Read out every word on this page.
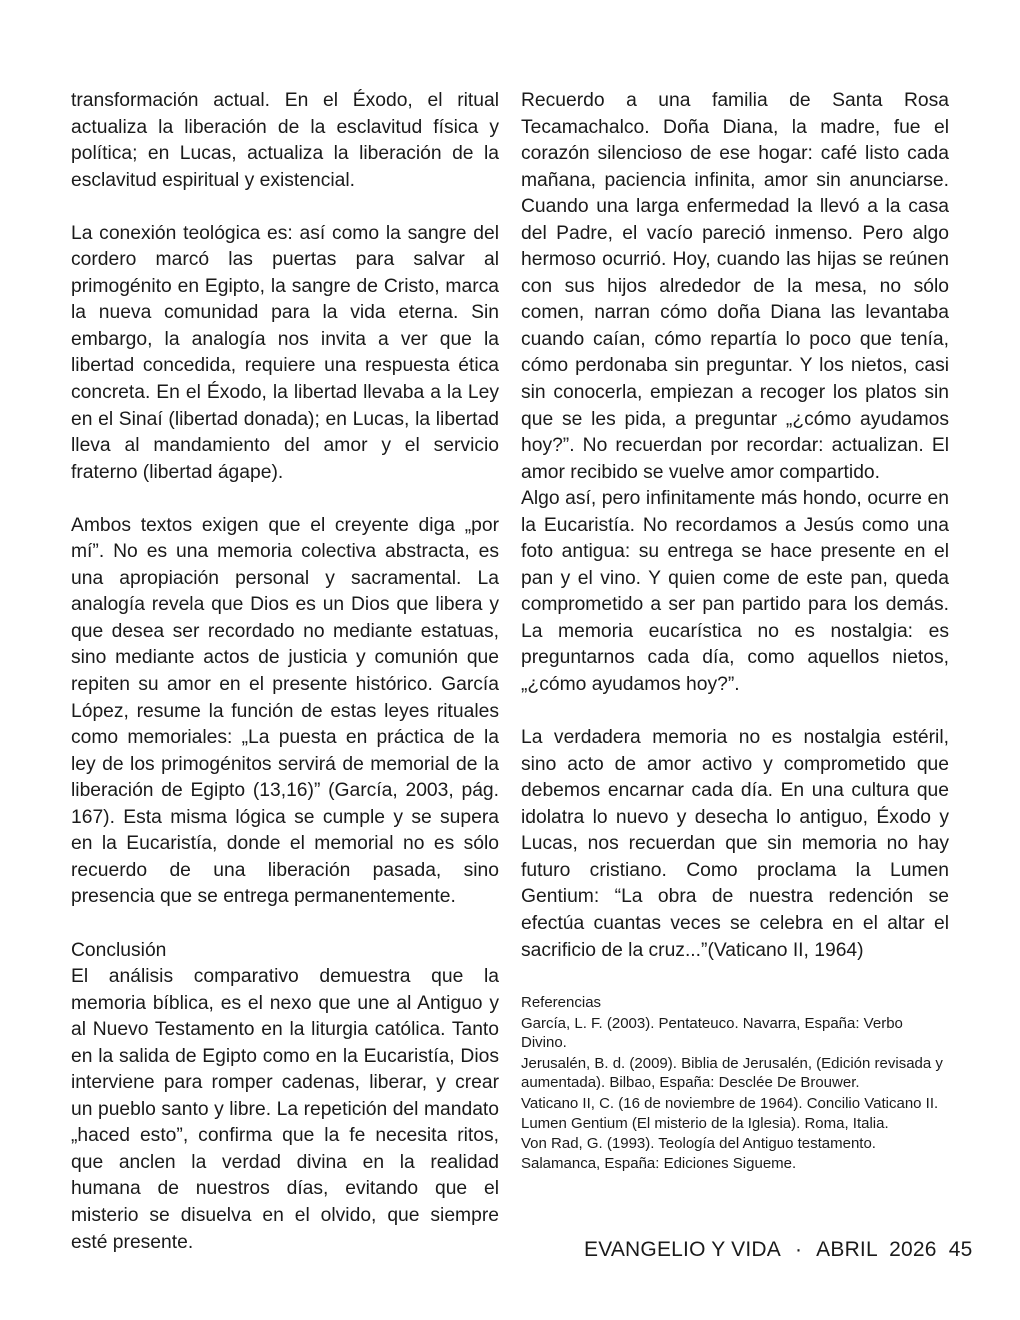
transformación actual. En el Éxodo, el ritual actualiza la liberación de la esclavitud física y política; en Lucas, actualiza la liberación de la esclavitud espiritual y existencial.

La conexión teológica es: así como la sangre del cordero marcó las puertas para salvar al primogénito en Egipto, la sangre de Cristo, marca la nueva comunidad para la vida eterna. Sin embargo, la analogía nos invita a ver que la libertad concedida, requiere una respuesta ética concreta. En el Éxodo, la libertad llevaba a la Ley en el Sinaí (libertad donada); en Lucas, la libertad lleva al mandamiento del amor y el servicio fraterno (libertad ágape).

Ambos textos exigen que el creyente diga „por mí”. No es una memoria colectiva abstracta, es una apropiación personal y sacramental. La analogía revela que Dios es un Dios que libera y que desea ser recordado no mediante estatuas, sino mediante actos de justicia y comunión que repiten su amor en el presente histórico. García López, resume la función de estas leyes rituales como memoriales: „La puesta en práctica de la ley de los primogénitos servirá de memorial de la liberación de Egipto (13,16)” (García, 2003, pág. 167). Esta misma lógica se cumple y se supera en la Eucaristía, donde el memorial no es sólo recuerdo de una liberación pasada, sino presencia que se entrega permanentemente.

Conclusión

El análisis comparativo demuestra que la memoria bíblica, es el nexo que une al Antiguo y al Nuevo Testamento en la liturgia católica. Tanto en la salida de Egipto como en la Eucaristía, Dios interviene para romper cadenas, liberar, y crear un pueblo santo y libre. La repetición del mandato „haced esto”, confirma que la fe necesita ritos, que anclen la verdad divina en la realidad humana de nuestros días, evitando que el misterio se disuelva en el olvido, que siempre esté presente.

Recuerdo a una familia de Santa Rosa Tecamachalco. Doña Diana, la madre, fue el corazón silencioso de ese hogar: café listo cada mañana, paciencia infinita, amor sin anunciarse. Cuando una larga enfermedad la llevó a la casa del Padre, el vacío pareció inmenso. Pero algo hermoso ocurrió. Hoy, cuando las hijas se reúnen con sus hijos alrededor de la mesa, no sólo comen, narran cómo doña Diana las levantaba cuando caían, cómo repartía lo poco que tenía, cómo perdonaba sin preguntar. Y los nietos, casi sin conocerla, empiezan a recoger los platos sin que se les pida, a preguntar „¿cómo ayudamos hoy?”. No recuerdan por recordar: actualizan. El amor recibido se vuelve amor compartido.

Algo así, pero infinitamente más hondo, ocurre en la Eucaristía. No recordamos a Jesús como una foto antigua: su entrega se hace presente en el pan y el vino. Y quien come de este pan, queda comprometido a ser pan partido para los demás. La memoria eucarística no es nostalgia: es preguntarnos cada día, como aquellos nietos, „¿cómo ayudamos hoy?”.

La verdadera memoria no es nostalgia estéril, sino acto de amor activo y comprometido que debemos encarnar cada día. En una cultura que idolatra lo nuevo y desecha lo antiguo, Éxodo y Lucas, nos recuerdan que sin memoria no hay futuro cristiano. Como proclama la Lumen Gentium: “La obra de nuestra redención se efectúa cuantas veces se celebra en el altar el sacrificio de la cruz...”(Vaticano II, 1964)

Referencias

García, L. F. (2003). Pentateuco. Navarra, España: Verbo Divino.

Jerusalén, B. d. (2009). Biblia de Jerusalén, (Edición revisada y aumentada). Bilbao, España: Desclée De Brouwer.

Vaticano II, C. (16 de noviembre de 1964). Concilio Vaticano II. Lumen Gentium (El misterio de la Iglesia). Roma, Italia.

Von Rad, G. (1993). Teología del Antiguo testamento. Salamanca, España: Ediciones Sigueme.

EVANGELIO Y VIDA · ABRIL  2026 45
